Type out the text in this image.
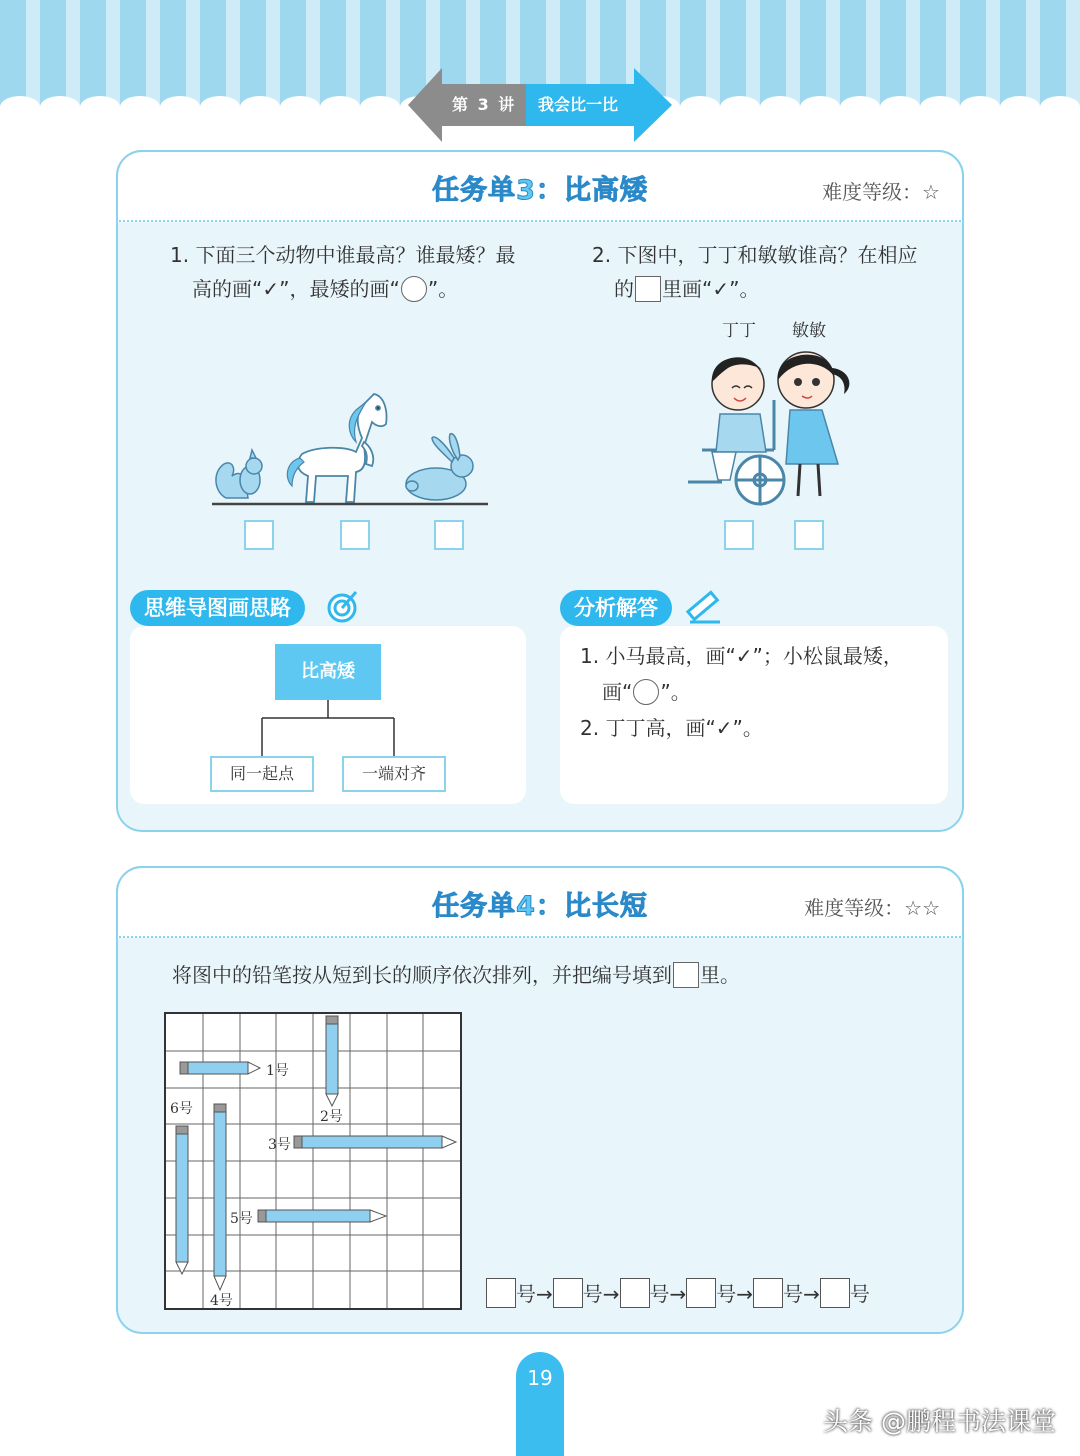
第 3 讲 我会比一比
任务单3：比高矮	难度等级：☆
1. 下面三个动物中谁最高？谁最矮？最
高的画“✓”，最矮的画“ ”。
2. 下图中，丁丁和敏敏谁高？在相应
的 里画“✓”。
丁丁 敏敏
思维导图画思路
比高矮
同一起点	一端对齐
分析解答
1. 小马最高，画“✓”；小松鼠最矮，
画“ ”。
2. 丁丁高，画“✓”。
任务单4：比长短	难度等级：☆☆
将图中的铅笔按从短到长的顺序依次排列，并把编号填到 里。
1号
2号
3号
4号
5号
6号
号→ 号→ 号→ 号→ 号→ 号
19
头条 @鹏程书法课堂
